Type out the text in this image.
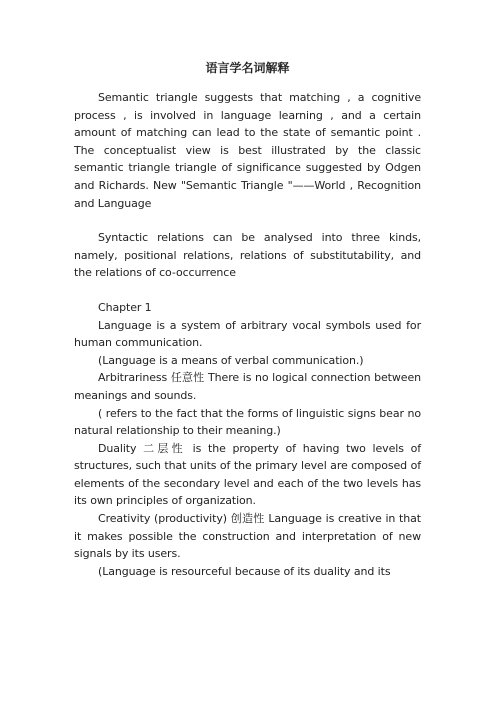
语言学名词解释

Semantic triangle suggests that matching , a cognitive process , is involved in language learning , and a certain amount of matching can lead to the state of semantic point . The conceptualist view is best illustrated by the classic semantic triangle triangle of significance suggested by Odgen and Richards. New "Semantic Triangle "——World , Recognition and Language

Syntactic relations can be analysed into three kinds, namely, positional relations, relations of substitutability, and the relations of co-occurrence

Chapter 1

Language is a system of arbitrary vocal symbols used for human communication.

(Language is a means of verbal communication.)

Arbitrariness 任意性 There is no logical connection between meanings and sounds.

( refers to the fact that the forms of linguistic signs bear no natural relationship to their meaning.)

Duality 二层性 is the property of having two levels of structures, such that units of the primary level are composed of elements of the secondary level and each of the two levels has its own principles of organization.

Creativity (productivity) 创造性 Language is creative in that it makes possible the construction and interpretation of new signals by its users.

(Language is resourceful because of its duality and its
